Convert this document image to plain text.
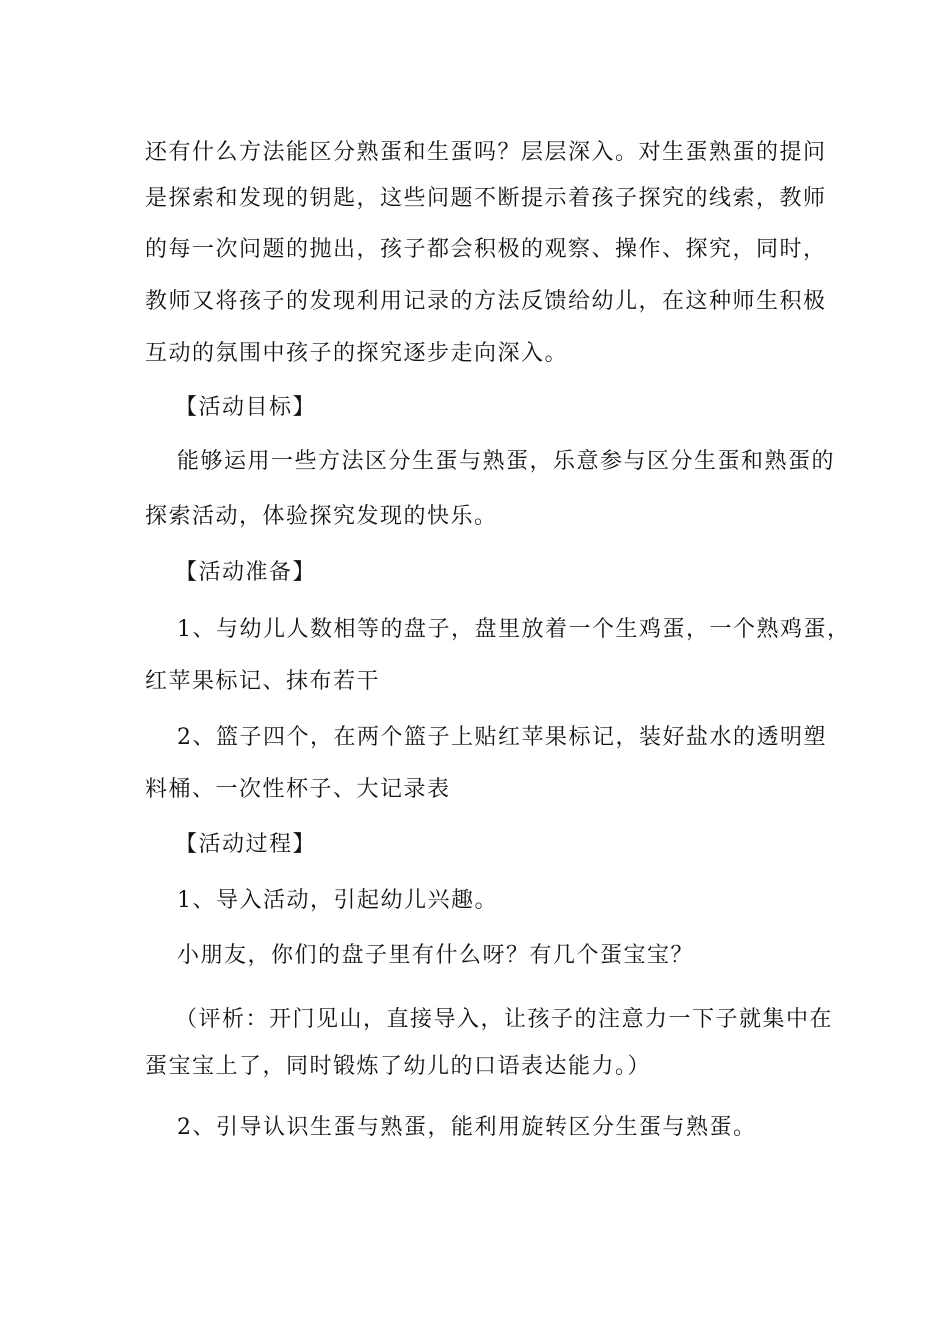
还有什么方法能区分熟蛋和生蛋吗？层层深入。对生蛋熟蛋的提问
是探索和发现的钥匙，这些问题不断提示着孩子探究的线索，教师
的每一次问题的抛出，孩子都会积极的观察、操作、探究，同时，
教师又将孩子的发现利用记录的方法反馈给幼儿，在这种师生积极
互动的氛围中孩子的探究逐步走向深入。
【活动目标】
能够运用一些方法区分生蛋与熟蛋，乐意参与区分生蛋和熟蛋的
探索活动，体验探究发现的快乐。
【活动准备】
1、与幼儿人数相等的盘子，盘里放着一个生鸡蛋，一个熟鸡蛋，
红苹果标记、抹布若干
2、篮子四个，在两个篮子上贴红苹果标记，装好盐水的透明塑
料桶、一次性杯子、大记录表
【活动过程】
1、导入活动，引起幼儿兴趣。
小朋友，你们的盘子里有什么呀？有几个蛋宝宝？
（评析：开门见山，直接导入，让孩子的注意力一下子就集中在
蛋宝宝上了，同时锻炼了幼儿的口语表达能力。）
2、引导认识生蛋与熟蛋，能利用旋转区分生蛋与熟蛋。
